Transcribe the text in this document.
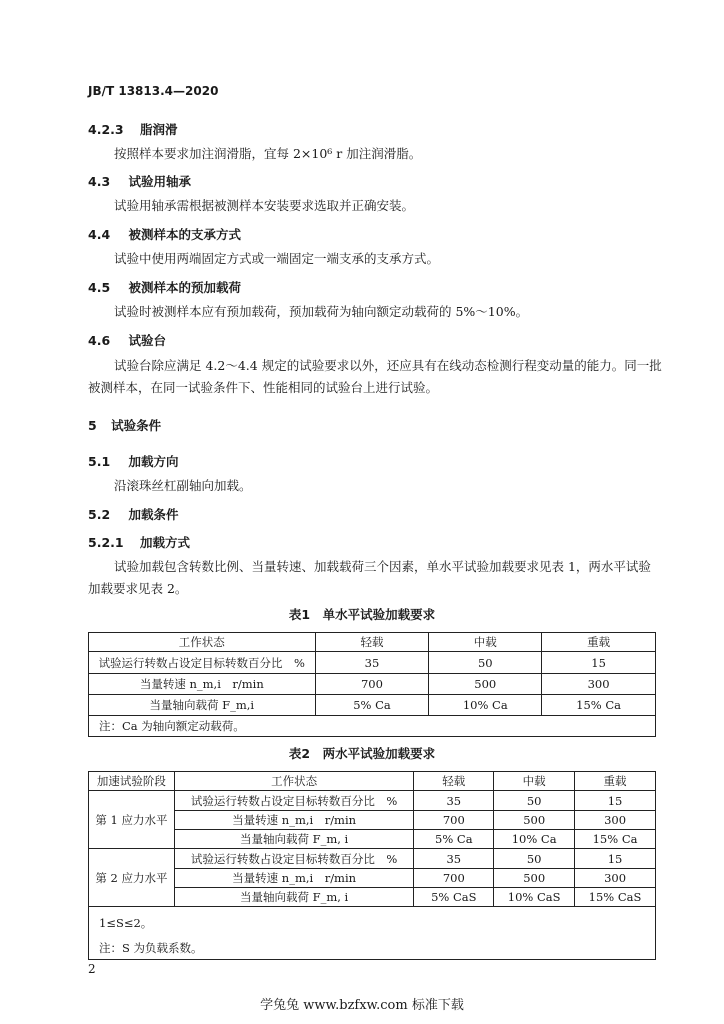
JB/T 13813.4—2020
4.2.3 脂润滑
按照样本要求加注润滑脂，宜每 2×10⁶ r 加注润滑脂。
4.3 试验用轴承
试验用轴承需根据被测样本安装要求选取并正确安装。
4.4 被测样本的支承方式
试验中使用两端固定方式或一端固定一端支承的支承方式。
4.5 被测样本的预加载荷
试验时被测样本应有预加载荷，预加载荷为轴向额定动载荷的 5%～10%。
4.6 试验台
试验台除应满足 4.2～4.4 规定的试验要求以外，还应具有在线动态检测行程变动量的能力。同一批
被测样本，在同一试验条件下、性能相同的试验台上进行试验。
5 试验条件
5.1 加载方向
沿滚珠丝杠副轴向加载。
5.2 加载条件
5.2.1 加载方式
试验加载包含转数比例、当量转速、加载载荷三个因素，单水平试验加载要求见表 1，两水平试验
加载要求见表 2。
表1　单水平试验加载要求
工作状态	轻载	中载	重载
试验运行转数占设定目标转数百分比　%	35	50	15
当量转速 n_m,i　r/min	700	500	300
当量轴向载荷 F_m,i	5% Ca	10% Ca	15% Ca
注：Ca 为轴向额定动载荷。			
表2　两水平试验加载要求
加速试验阶段	工作状态	轻载	中载	重载
第 1 应力水平	试验运行转数占设定目标转数百分比　%	35	50	15
	当量转速 n_m,i　r/min	700	500	300
	当量轴向载荷 F_m, i	5% Ca	10% Ca	15% Ca
第 2 应力水平	试验运行转数占设定目标转数百分比　%	35	50	15
	当量转速 n_m,i　r/min	700	500	300
	当量轴向载荷 F_m, i	5% CaS	10% CaS	15% CaS
1≤S≤2。				
注：S 为负载系数。				
2
学兔兔 www.bzfxw.com 标准下载
